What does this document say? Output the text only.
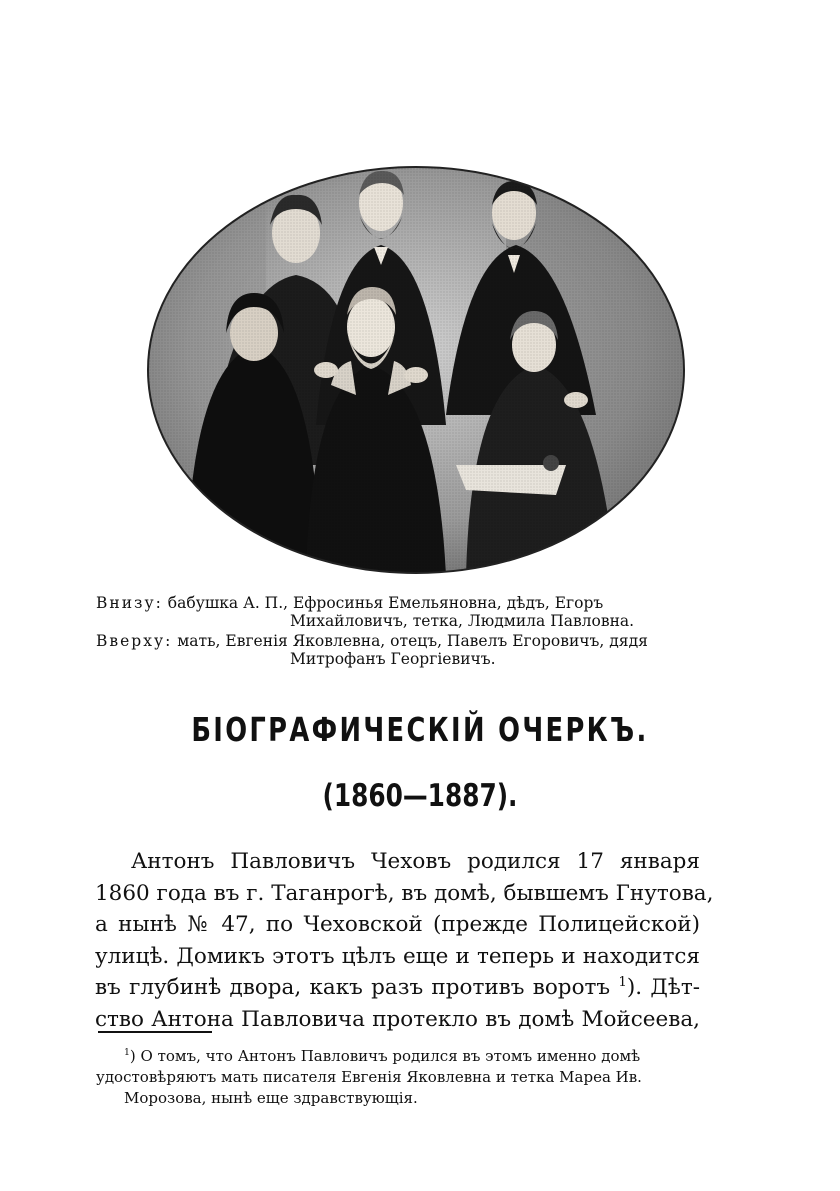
Внизу: бабушка А. П., Ефросинья Емельяновна, дѣдъ, Егоръ
Михайловичъ, тетка, Людмила Павловна.
Вверху: мать, Евгенія Яковлевна, отецъ, Павелъ Егоровичъ, дядя
Митрофанъ Георгіевичъ.
БІОГРАФИЧЕСКІЙ ОЧЕРКЪ.
(1860—1887).
Антонъ Павловичъ Чеховъ родился 17 января
1860 года въ г. Таганрогѣ, въ домѣ, бывшемъ Гнутова,
а нынѣ № 47, по Чеховской (прежде Полицейской)
улицѣ. Домикъ этотъ цѣлъ еще и теперь и находится
въ глубинѣ двора, какъ разъ противъ воротъ $^1$). Дѣт-
ство Антона Павловича протекло въ домѣ Мойсеева,
$^1$) О томъ, что Антонъ Павловичъ родился въ этомъ именно домѣ
удостовѣряютъ мать писателя Евгенія Яковлевна и тетка Мареа Ив.
Морозова, нынѣ еще здравствующія.
